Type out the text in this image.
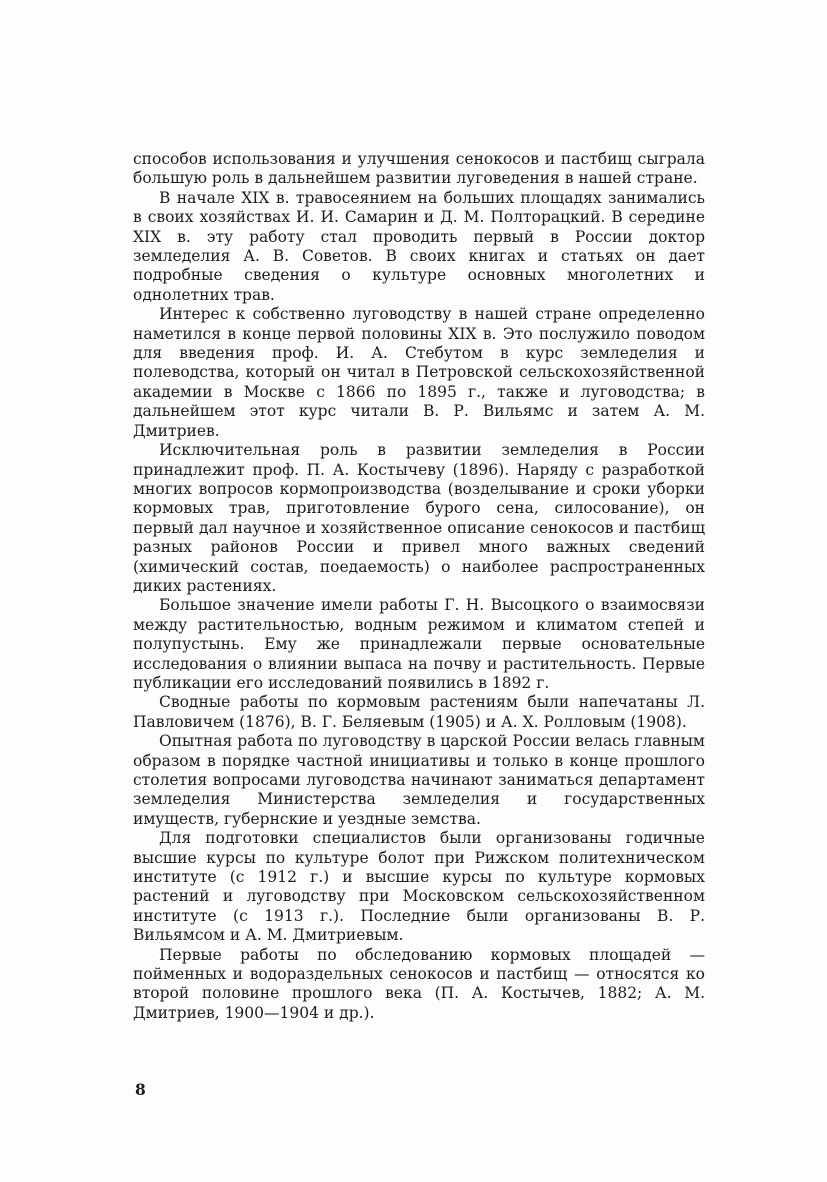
способов использования и улучшения сенокосов и пастбищ сыграла большую роль в дальнейшем развитии луговедения в нашей стране.

В начале XIX в. травосеянием на больших площадях занимались в своих хозяйствах И. И. Самарин и Д. М. Полторацкий. В середине XIX в. эту работу стал проводить первый в России доктор земледелия А. В. Советов. В своих книгах и статьях он дает подробные сведения о культуре основных многолетних и однолетних трав.

Интерес к собственно луговодству в нашей стране определенно наметился в конце первой половины XIX в. Это послужило поводом для введения проф. И. А. Стебутом в курс земледелия и полеводства, который он читал в Петровской сельскохозяйственной академии в Москве с 1866 по 1895 г., также и луговодства; в дальнейшем этот курс читали В. Р. Вильямс и затем А. М. Дмитриев.

Исключительная роль в развитии земледелия в России принадлежит проф. П. А. Костычеву (1896). Наряду с разработкой многих вопросов кормопроизводства (возделывание и сроки уборки кормовых трав, приготовление бурого сена, силосование), он первый дал научное и хозяйственное описание сенокосов и пастбищ разных районов России и привел много важных сведений (химический состав, поедаемость) о наиболее распространенных диких растениях.

Большое значение имели работы Г. Н. Высоцкого о взаимосвязи между растительностью, водным режимом и климатом степей и полупустынь. Ему же принадлежали первые основательные исследования о влиянии выпаса на почву и растительность. Первые публикации его исследований появились в 1892 г.

Сводные работы по кормовым растениям были напечатаны Л. Павловичем (1876), В. Г. Беляевым (1905) и А. Х. Ролловым (1908).

Опытная работа по луговодству в царской России велась главным образом в порядке частной инициативы и только в конце прошлого столетия вопросами луговодства начинают заниматься департамент земледелия Министерства земледелия и государственных имуществ, губернские и уездные земства.

Для подготовки специалистов были организованы годичные высшие курсы по культуре болот при Рижском политехническом институте (с 1912 г.) и высшие курсы по культуре кормовых растений и луговодству при Московском сельскохозяйственном институте (с 1913 г.). Последние были организованы В. Р. Вильямсом и А. М. Дмитриевым.

Первые работы по обследованию кормовых площадей — пойменных и водораздельных сенокосов и пастбищ — относятся ко второй половине прошлого века (П. А. Костычев, 1882; А. М. Дмитриев, 1900—1904 и др.).

8
